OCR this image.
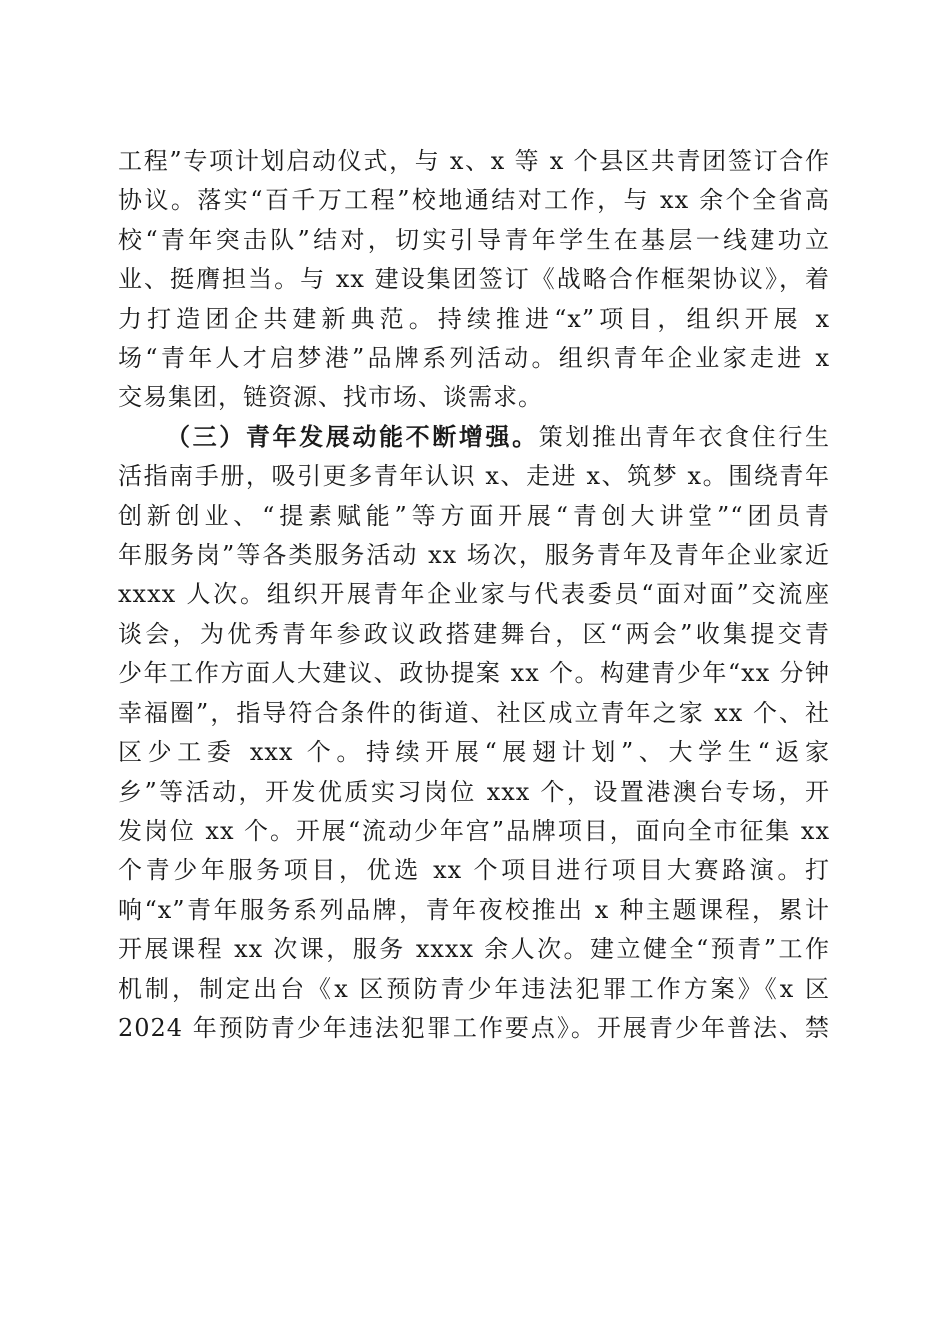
工程”专项计划启动仪式，与 x、x 等 x 个县区共青团签订合作
协议。落实“百千万工程”校地通结对工作，与 xx 余个全省高
校“青年突击队”结对，切实引导青年学生在基层一线建功立
业、挺膺担当。与 xx 建设集团签订《战略合作框架协议》，着
力打造团企共建新典范。持续推进“x”项目，组织开展 x
场“青年人才启梦港”品牌系列活动。组织青年企业家走进 x
交易集团，链资源、找市场、谈需求。

（三）青年发展动能不断增强。策划推出青年衣食住行生
活指南手册，吸引更多青年认识 x、走进 x、筑梦 x。围绕青年
创新创业、“提素赋能”等方面开展“青创大讲堂”“团员青
年服务岗”等各类服务活动 xx 场次，服务青年及青年企业家近
xxxx 人次。组织开展青年企业家与代表委员“面对面”交流座
谈会，为优秀青年参政议政搭建舞台，区“两会”收集提交青
少年工作方面人大建议、政协提案 xx 个。构建青少年“xx 分钟
幸福圈”，指导符合条件的街道、社区成立青年之家 xx 个、社
区少工委 xxx 个。持续开展“展翅计划”、大学生“返家
乡”等活动，开发优质实习岗位 xxx 个，设置港澳台专场，开
发岗位 xx 个。开展“流动少年宫”品牌项目，面向全市征集 xx
个青少年服务项目，优选 xx 个项目进行项目大赛路演。打
响“x”青年服务系列品牌，青年夜校推出 x 种主题课程，累计
开展课程 xx 次课，服务 xxxx 余人次。建立健全“预青”工作
机制，制定出台《x 区预防青少年违法犯罪工作方案》《x 区
2024 年预防青少年违法犯罪工作要点》。开展青少年普法、禁
